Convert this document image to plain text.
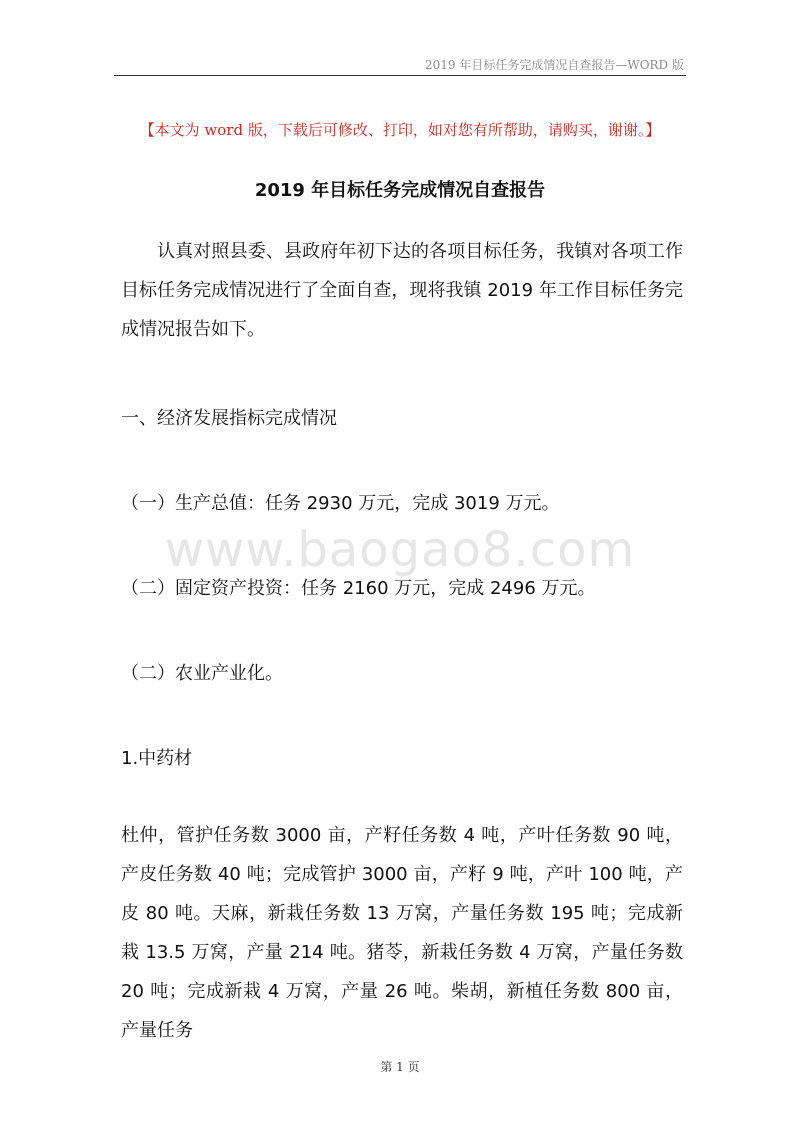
2019 年目标任务完成情况自查报告—WORD 版
【本文为 word 版，下载后可修改、打印，如对您有所帮助，请购买，谢谢。】
2019 年目标任务完成情况自查报告
认真对照县委、县政府年初下达的各项目标任务，我镇对各项工作目标任务完成情况进行了全面自查，现将我镇 2019 年工作目标任务完成情况报告如下。
一、经济发展指标完成情况
（一）生产总值：任务 2930 万元，完成 3019 万元。
www.baogao8.com
（二）固定资产投资：任务 2160 万元，完成 2496 万元。
（二）农业产业化。
1.中药材
杜仲，管护任务数 3000 亩，产籽任务数 4 吨，产叶任务数 90 吨，产皮任务数 40 吨；完成管护 3000 亩，产籽 9 吨，产叶 100 吨，产皮 80 吨。天麻，新栽任务数 13 万窝，产量任务数 195 吨；完成新栽 13.5 万窝，产量 214 吨。猪苓，新栽任务数 4 万窝，产量任务数 20 吨；完成新栽 4 万窝，产量 26 吨。柴胡，新植任务数 800 亩，产量任务
第 1 页
